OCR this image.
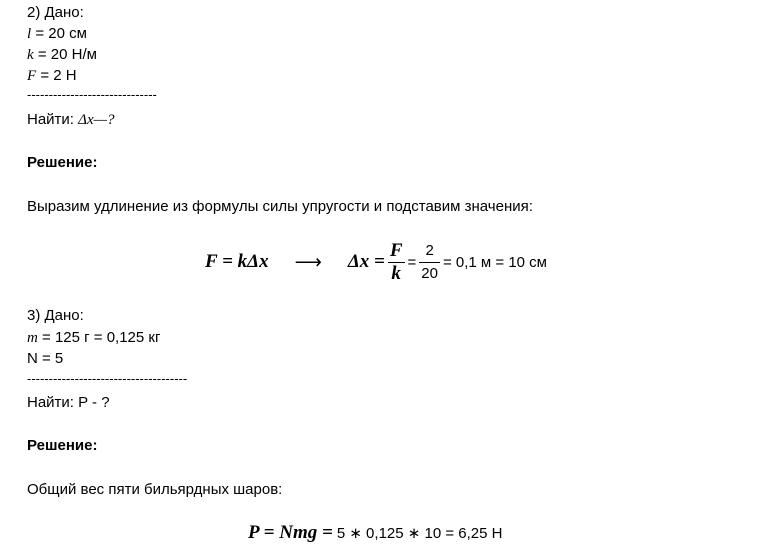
2) Дано:
l = 20 см
k = 20 Н/м
F = 2 Н
------------------------------
Найти: Δx—?
Решение:
Выразим удлинение из формулы силы упругости и подставим значения:
F = kΔx ⟶ $\Delta x = \frac{F}{k} = \frac{2}{20} = 0,1$ м = 10 см
3) Дано:
m = 125 г = 0,125 кг
N = 5
-------------------------------------
Найти: P - ?
Решение:
Общий вес пяти бильярдных шаров:
P = Nmg = 5 ∗ 0,125 ∗ 10 = 6,25 Н
